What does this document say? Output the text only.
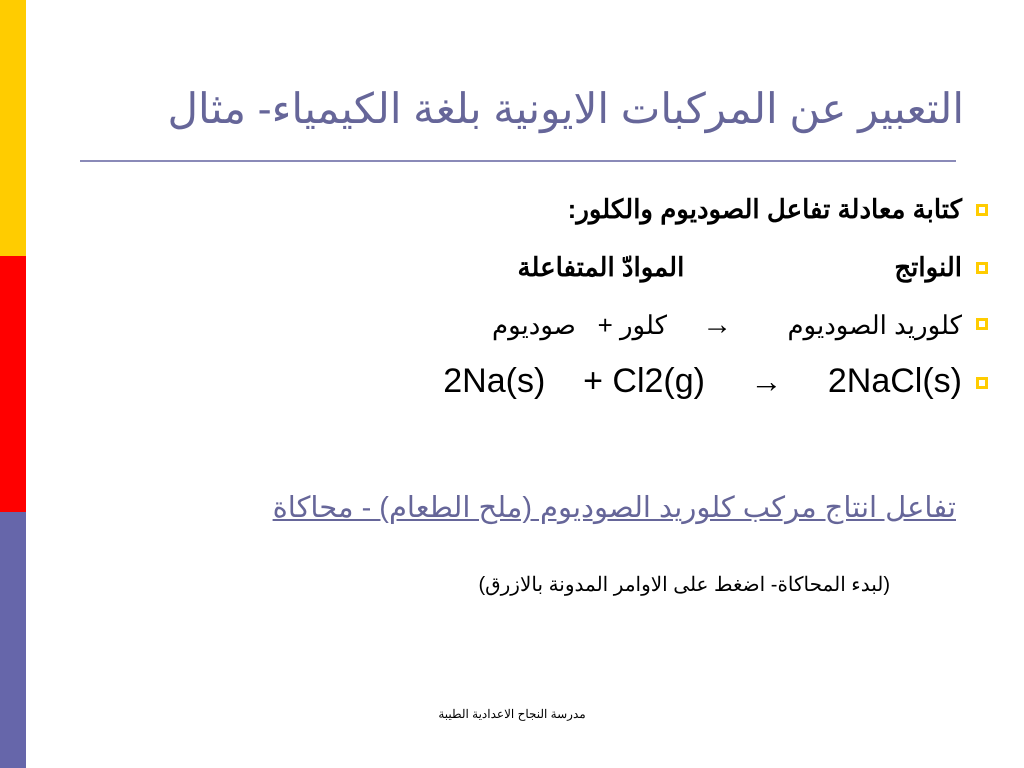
التعبير عن المركبات الايونية بلغة الكيمياء- مثال
كتابة معادلة تفاعل الصوديوم والكلور:
النواتجالموادّ المتفاعلة
كلوريد الصوديوم → كلور +   صوديوم
2Na(s) + Cl2(g) → 2NaCl(s)
تفاعل انتاج مركب كلوريد الصوديوم (ملح الطعام) - محاكاة
(لبدء المحاكاة- اضغط على الاوامر المدونة بالازرق)
مدرسة النجاح الاعدادية الطيبة
